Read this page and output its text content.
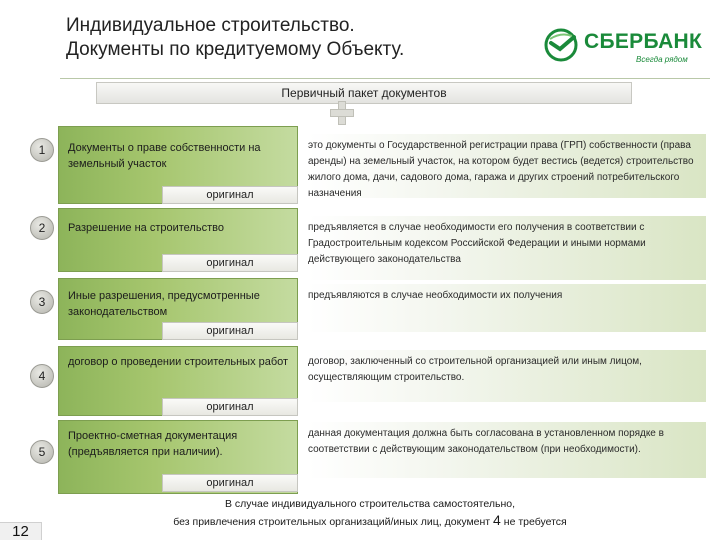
Индивидуальное строительство.
Документы по кредитуемому Объекту.	СБЕРБАНК
Всегда рядом
Первичный пакет документов
1	Документы о праве собственности на земельный участок
оригинал
это документы о Государственной регистрации права (ГРП) собственности (права аренды) на земельный участок, на котором будет вестись (ведется) строительство жилого дома, дачи, садового дома, гаража и других строений потребительского назначения
2	Разрешение на строительство
оригинал
предъявляется в случае необходимости его получения в соответствии с Градостроительным кодексом Российской Федерации и иными нормами действующего законодательства
3	Иные разрешения, предусмотренные законодательством
оригинал
предъявляются в случае необходимости их получения
4
договор о проведении строительных работ
оригинал
договор, заключенный со строительной организацией или иным лицом, осуществляющим строительство.
5
Проектно-сметная документация (предъявляется при наличии).
оригинал
данная документация должна быть согласована в установленном порядке в соответствии с действующим законодательством (при необходимости).
В случае индивидуального строительства самостоятельно,
без привлечения строительных организаций/иных лиц, документ 4 не требуется
12
